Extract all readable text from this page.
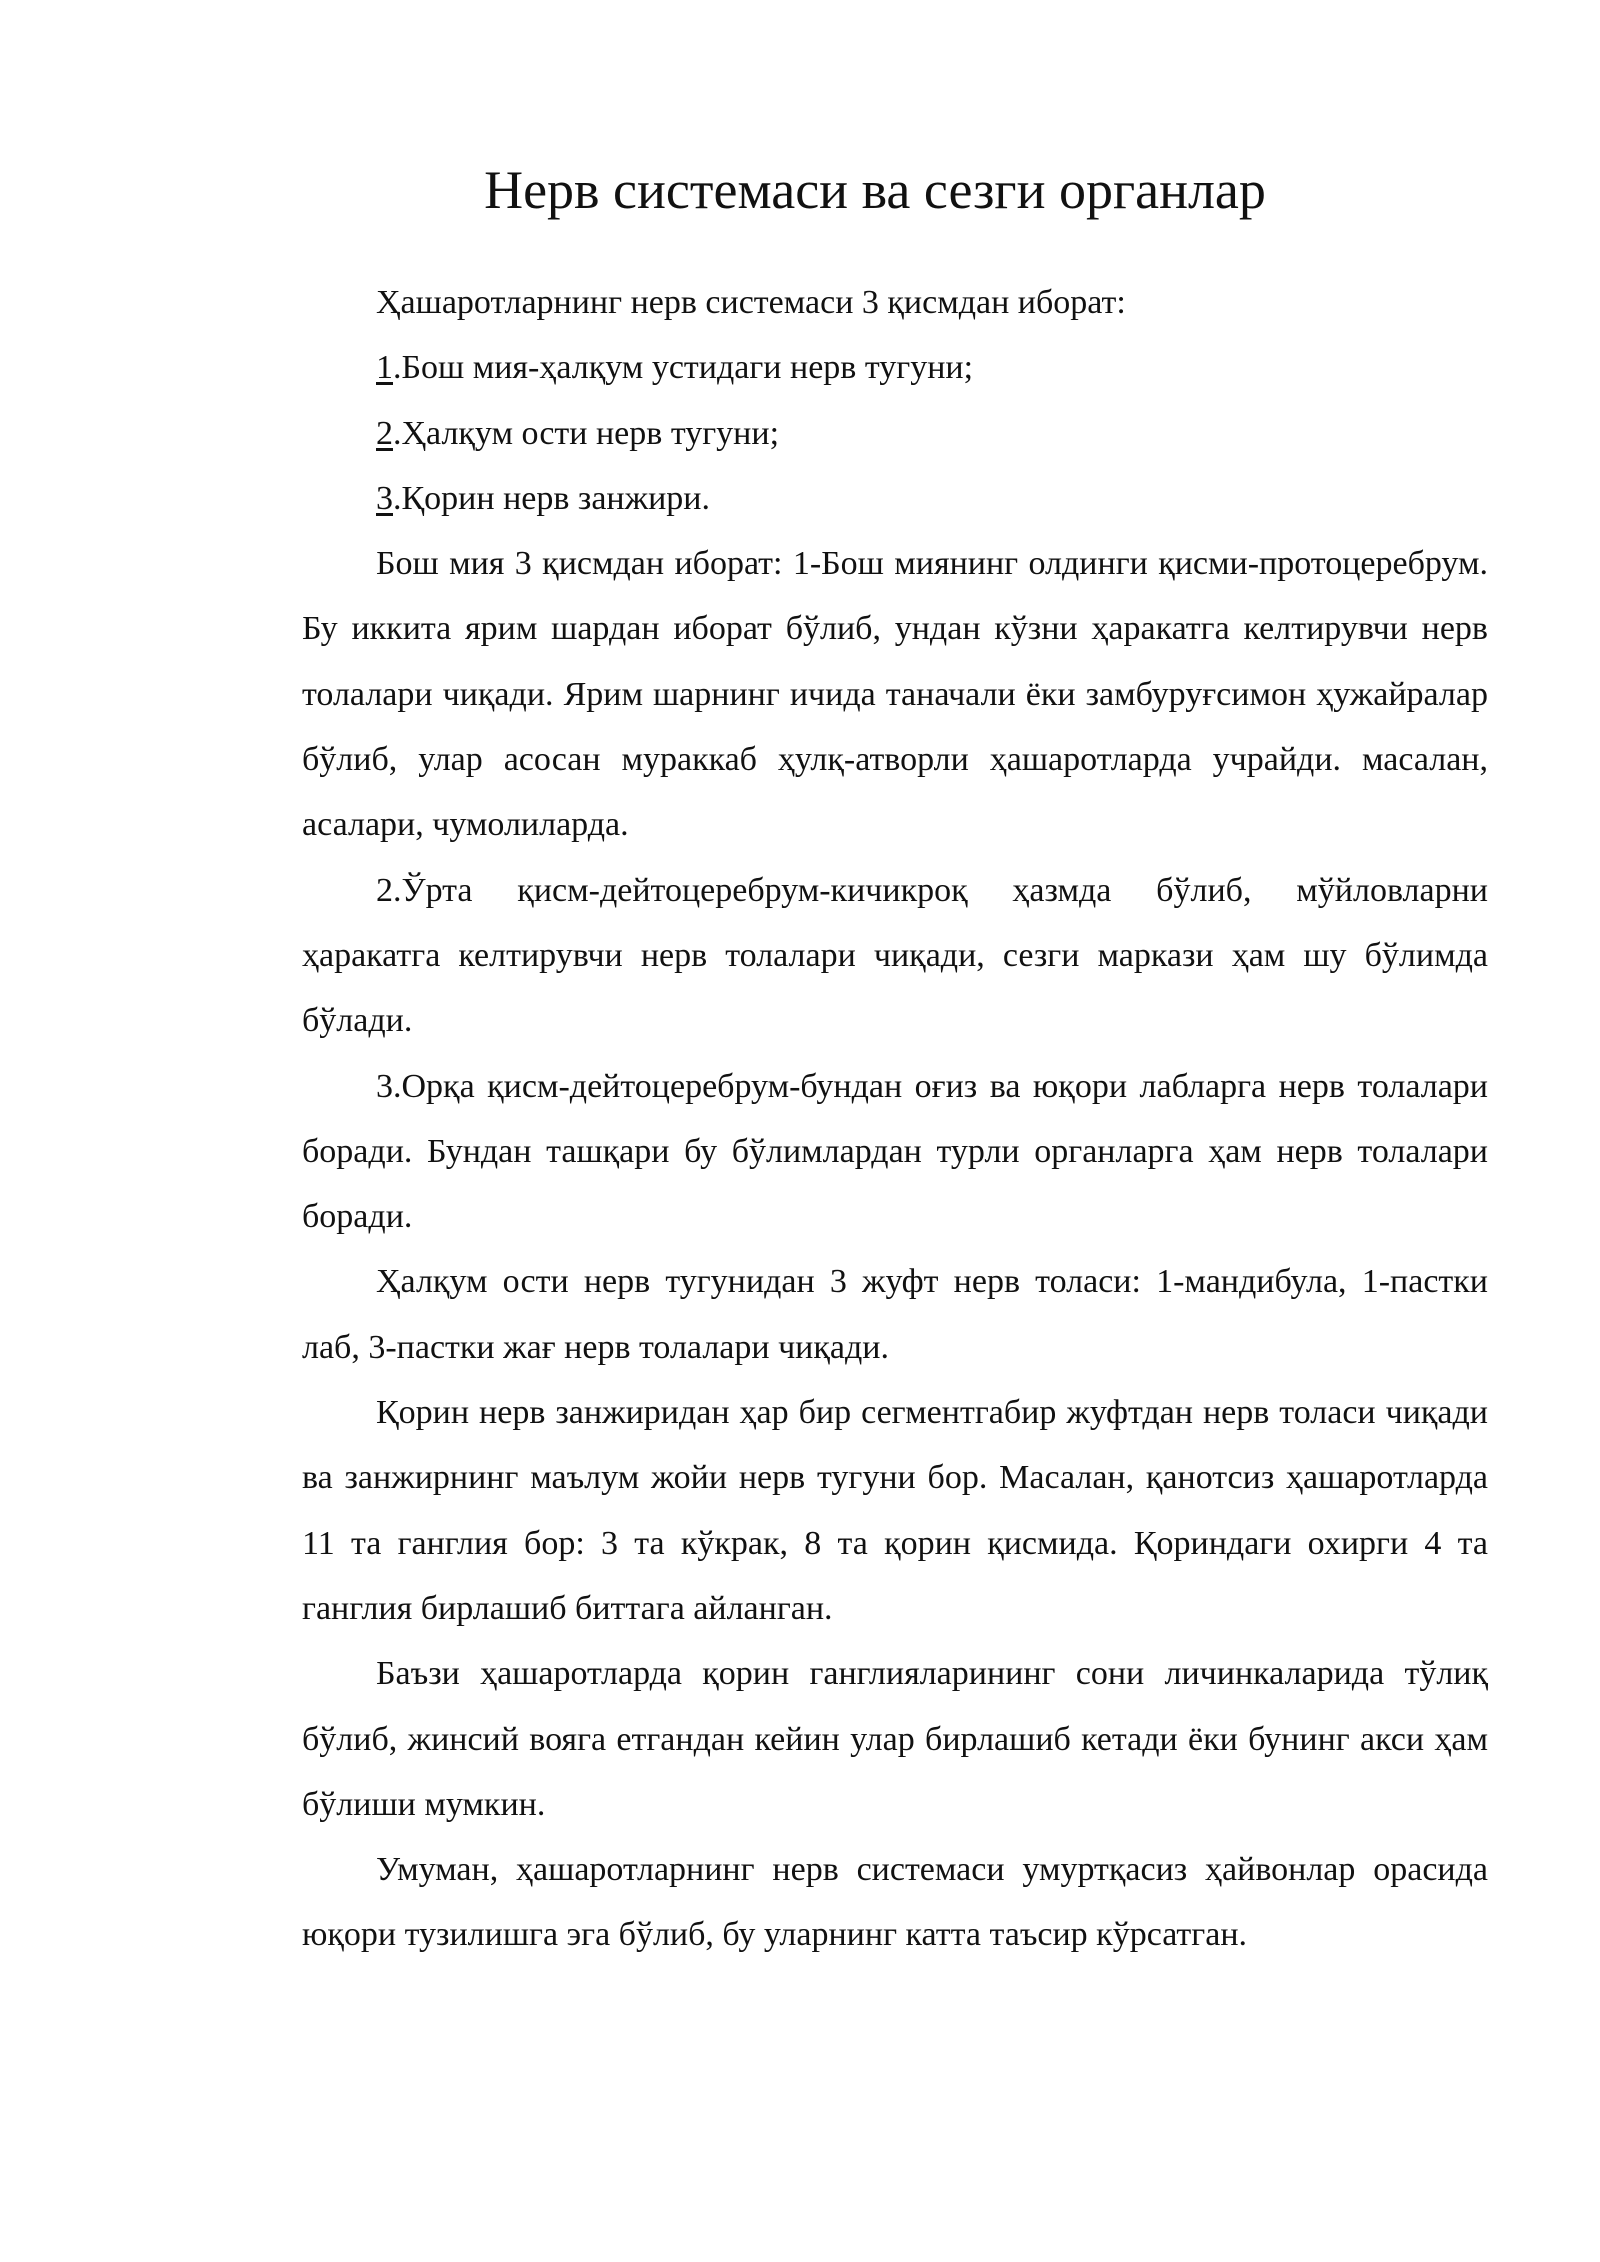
Нерв системаси ва сезги органлар

Ҳашаротларнинг нерв системаси 3 қисмдан иборат:

1.Бош мия-ҳалқум устидаги нерв тугуни;

2.Ҳалқум ости нерв тугуни;

3.Қорин нерв занжири.

Бош мия 3 қисмдан иборат: 1-Бош миянинг олдинги қисми-протоцеребрум. Бу иккита ярим шардан иборат бўлиб, ундан кўзни ҳаракатга келтирувчи нерв толалари чиқади. Ярим шарнинг ичида таначали ёки замбуруғсимон ҳужайралар бўлиб, улар асосан мураккаб ҳулқ-атворли ҳашаротларда учрайди. масалан, асалари, чумолиларда.

2.Ўрта қисм-дейтоцеребрум-кичикроқ ҳазмда бўлиб, мўйловларни ҳаракатга келтирувчи нерв толалари чиқади, сезги маркази ҳам шу бўлимда бўлади.

3.Орқа қисм-дейтоцеребрум-бундан оғиз ва юқори лабларга нерв толалари боради. Бундан ташқари бу бўлимлардан турли органларга ҳам нерв толалари боради.

Ҳалқум ости нерв тугунидан 3 жуфт нерв толаси: 1-мандибула, 1-пастки лаб, 3-пастки жағ нерв толалари чиқади.

Қорин нерв занжиридан ҳар бир сегментгабир жуфтдан нерв толаси чиқади ва занжирнинг маълум жойи нерв тугуни бор. Масалан, қанотсиз ҳашаротларда 11 та ганглия бор: 3 та кўкрак, 8 та қорин қисмида. Қориндаги охирги 4 та ганглия бирлашиб биттага айланган.

Баъзи ҳашаротларда қорин ганглияларининг сони личинкаларида тўлиқ бўлиб, жинсий вояга етгандан кейин улар бирлашиб кетади ёки бунинг акси ҳам бўлиши мумкин.

Умуман, ҳашаротларнинг нерв системаси умуртқасиз ҳайвонлар орасида юқори тузилишга эга бўлиб, бу уларнинг катта таъсир кўрсатган.
